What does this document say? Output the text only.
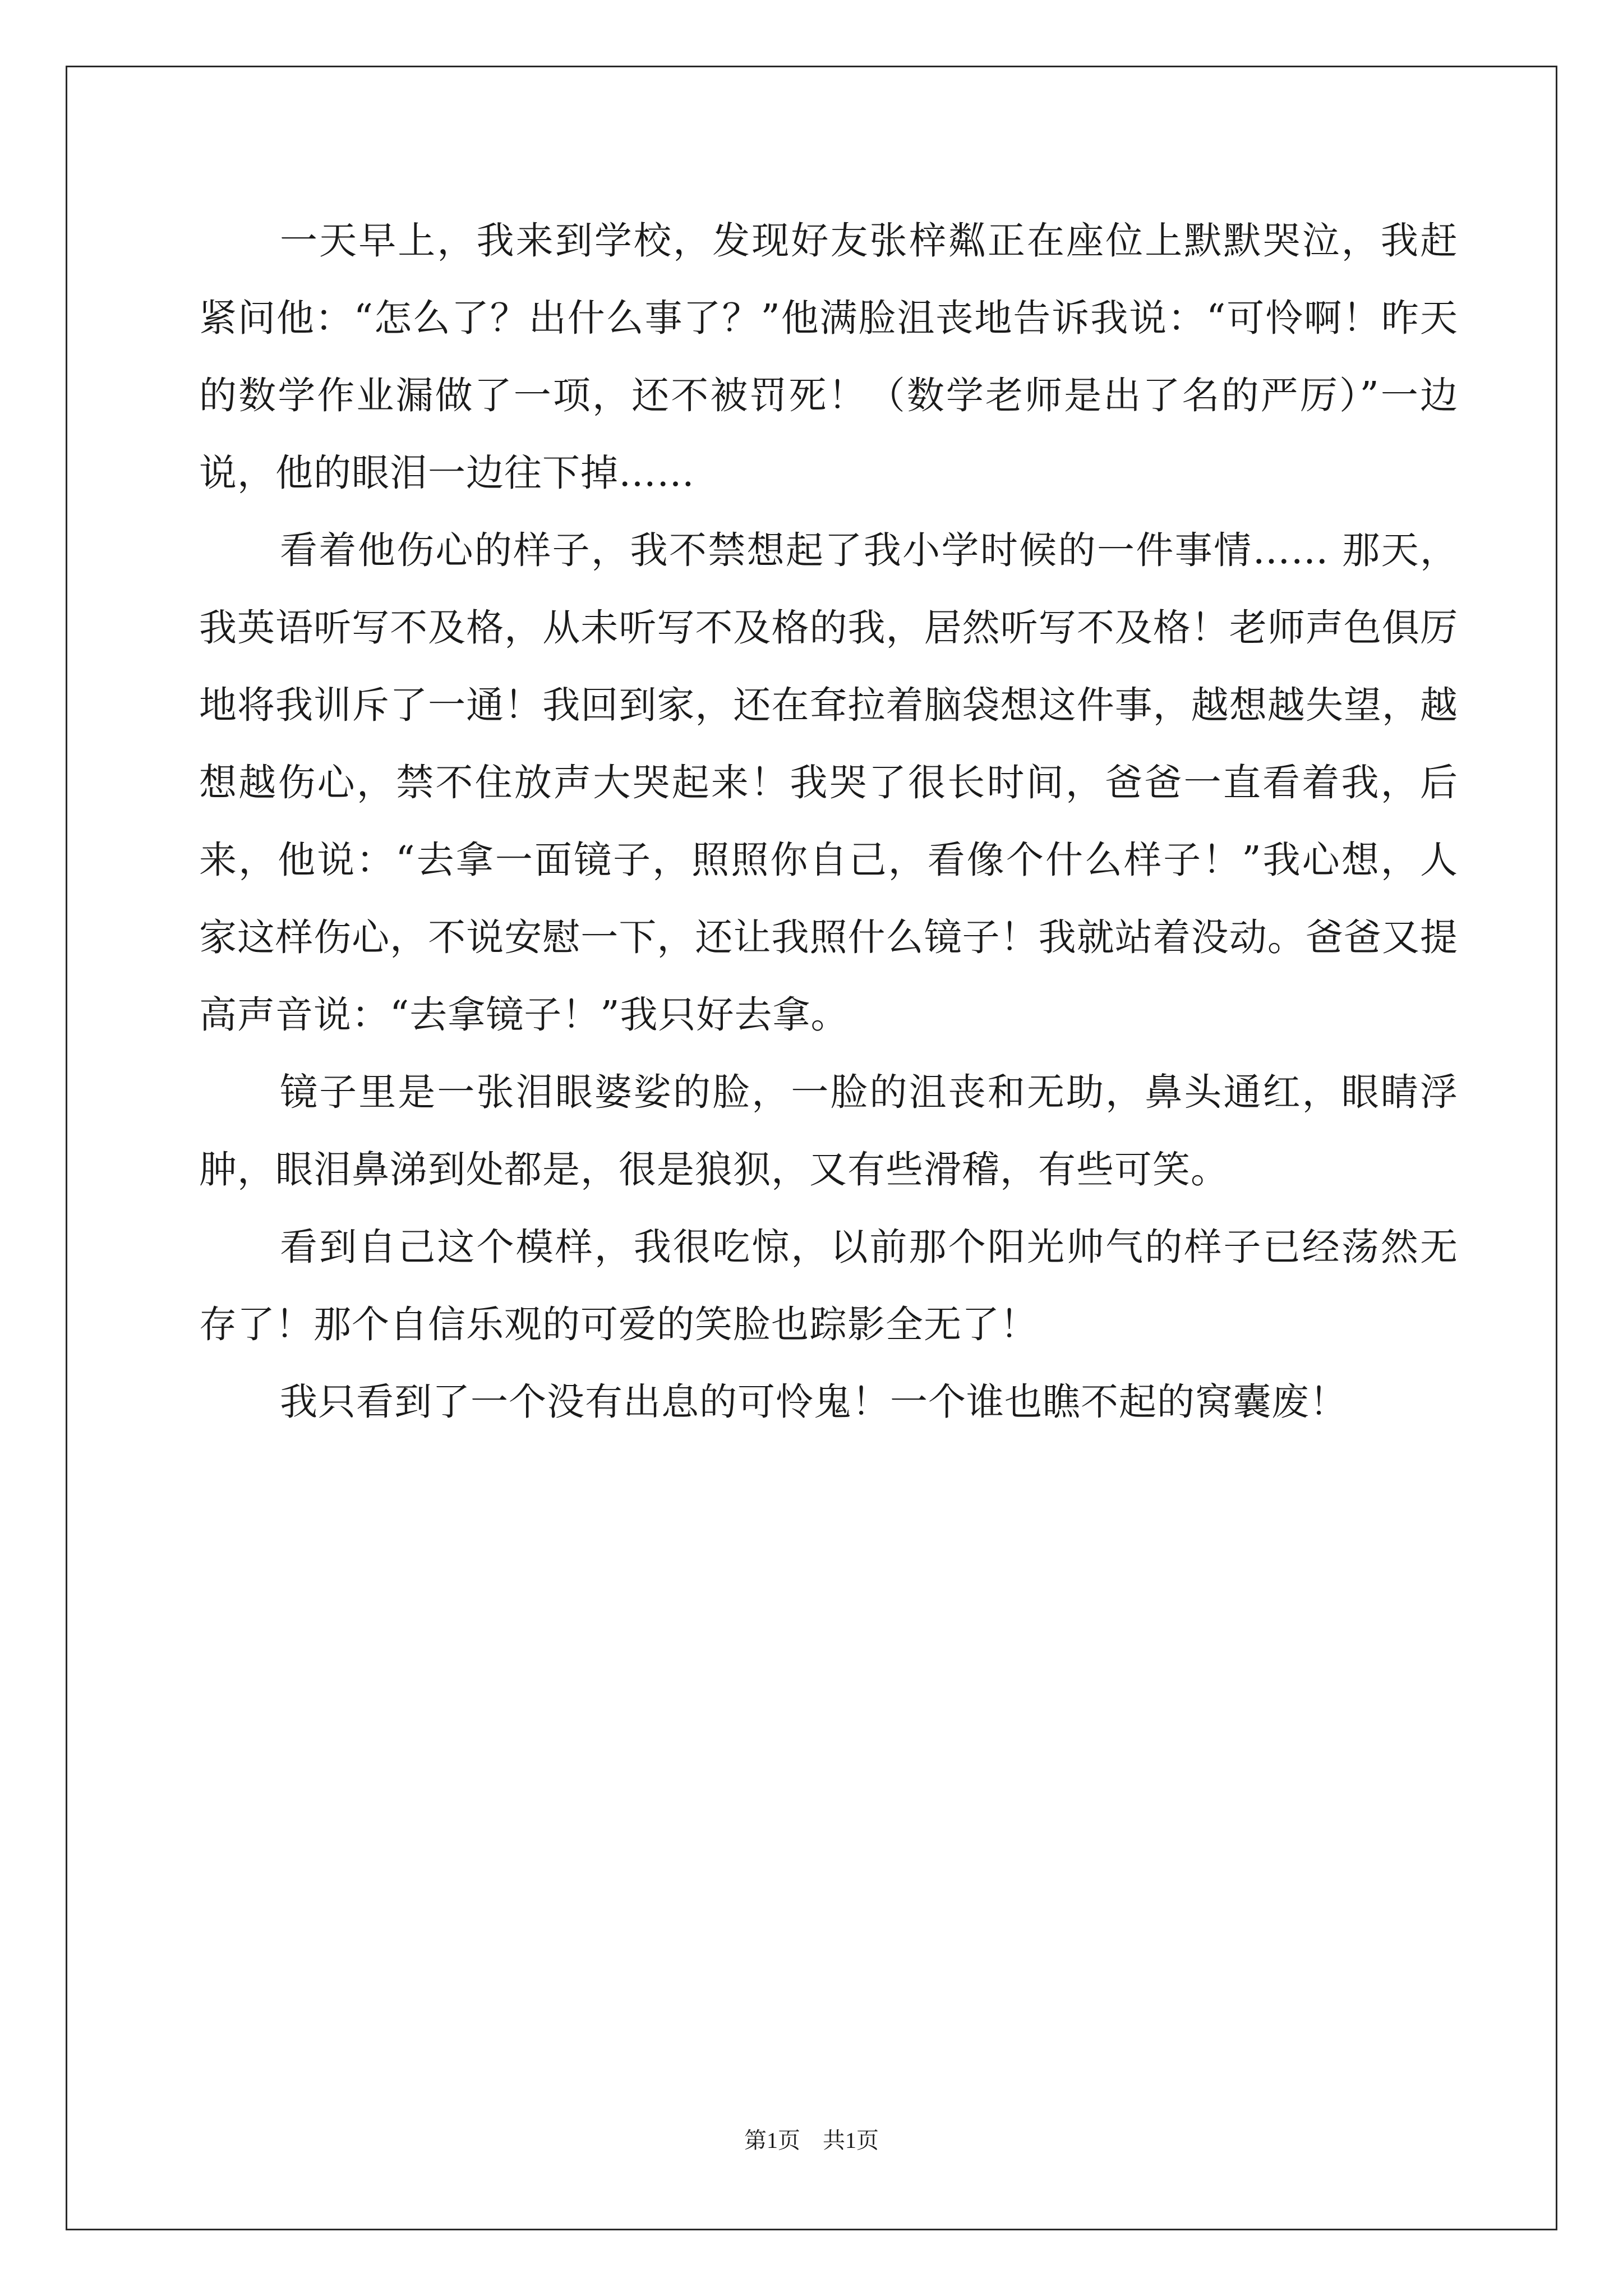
一天早上，我来到学校，发现好友张梓粼正在座位上默默哭泣，我赶紧问他：“怎么了？出什么事了？”他满脸沮丧地告诉我说：“可怜啊！昨天的数学作业漏做了一项，还不被罚死！（数学老师是出了名的严厉）”一边说，他的眼泪一边往下掉……

看着他伤心的样子，我不禁想起了我小学时候的一件事情…… 那天，我英语听写不及格，从未听写不及格的我，居然听写不及格！老师声色俱厉地将我训斥了一通！我回到家，还在耷拉着脑袋想这件事，越想越失望，越想越伤心，禁不住放声大哭起来！我哭了很长时间，爸爸一直看着我，后来，他说：“去拿一面镜子，照照你自己，看像个什么样子！”我心想，人家这样伤心，不说安慰一下，还让我照什么镜子！我就站着没动。爸爸又提高声音说：“去拿镜子！”我只好去拿。

镜子里是一张泪眼婆娑的脸，一脸的沮丧和无助，鼻头通红，眼睛浮肿，眼泪鼻涕到处都是，很是狼狈，又有些滑稽，有些可笑。

看到自己这个模样，我很吃惊，以前那个阳光帅气的样子已经荡然无存了！那个自信乐观的可爱的笑脸也踪影全无了！

我只看到了一个没有出息的可怜鬼！一个谁也瞧不起的窝囊废！

第1页 共1页
